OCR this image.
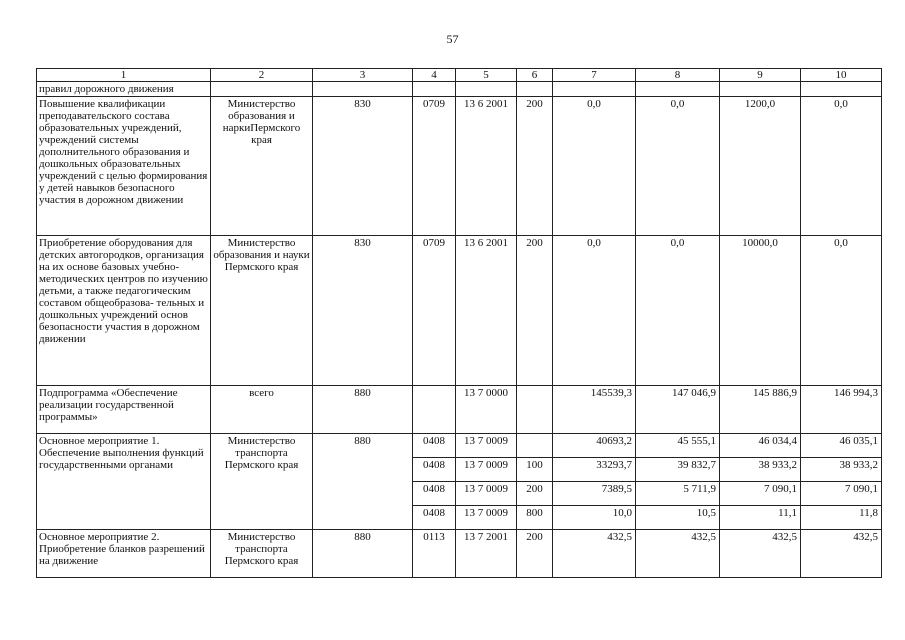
57
1	2	3	4	5	6	7	8	9	10
правил дорожного движения									
Повышение квалификации преподавательского состава образовательных учреждений, учреждений системы дополнительного образования и дошкольных образовательных учреждений с целью формирования у детей навыков безопасного участия в дорожном движении	Министерство образования и наркиПермского края	830	0709	13 6 2001	200	0,0	0,0	1200,0	0,0
Приобретение оборудования для детских автогородков, организация на их основе базовых учебно-методических центров по изучению детьми, а также педагогическим составом общеобразова- тельных и дошкольных учреждений основ безопасности участия в дорожном движении	Министерство образования и науки Пермского края	830	0709	13 6 2001	200	0,0	0,0	10000,0	0,0
Подпрограмма «Обеспечение реализации государственной программы»	всего	880		13 7 0000		145539,3	147 046,9	145 886,9	146 994,3
Основное мероприятие 1. Обеспечение выполнения функций государственными органами	Министерство транспорта Пермского края	880	0408	13 7 0009		40693,2	45 555,1	46 034,4	46 035,1
			0408	13 7 0009	100	33293,7	39 832,7	38 933,2	38 933,2
			0408	13 7 0009	200	7389,5	5 711,9	7 090,1	7 090,1
			0408	13 7 0009	800	10,0	10,5	11,1	11,8
Основное мероприятие 2. Приобретение бланков разрешений на движение	Министерство транспорта Пермского края	880	0113	13 7 2001	200	432,5	432,5	432,5	432,5
